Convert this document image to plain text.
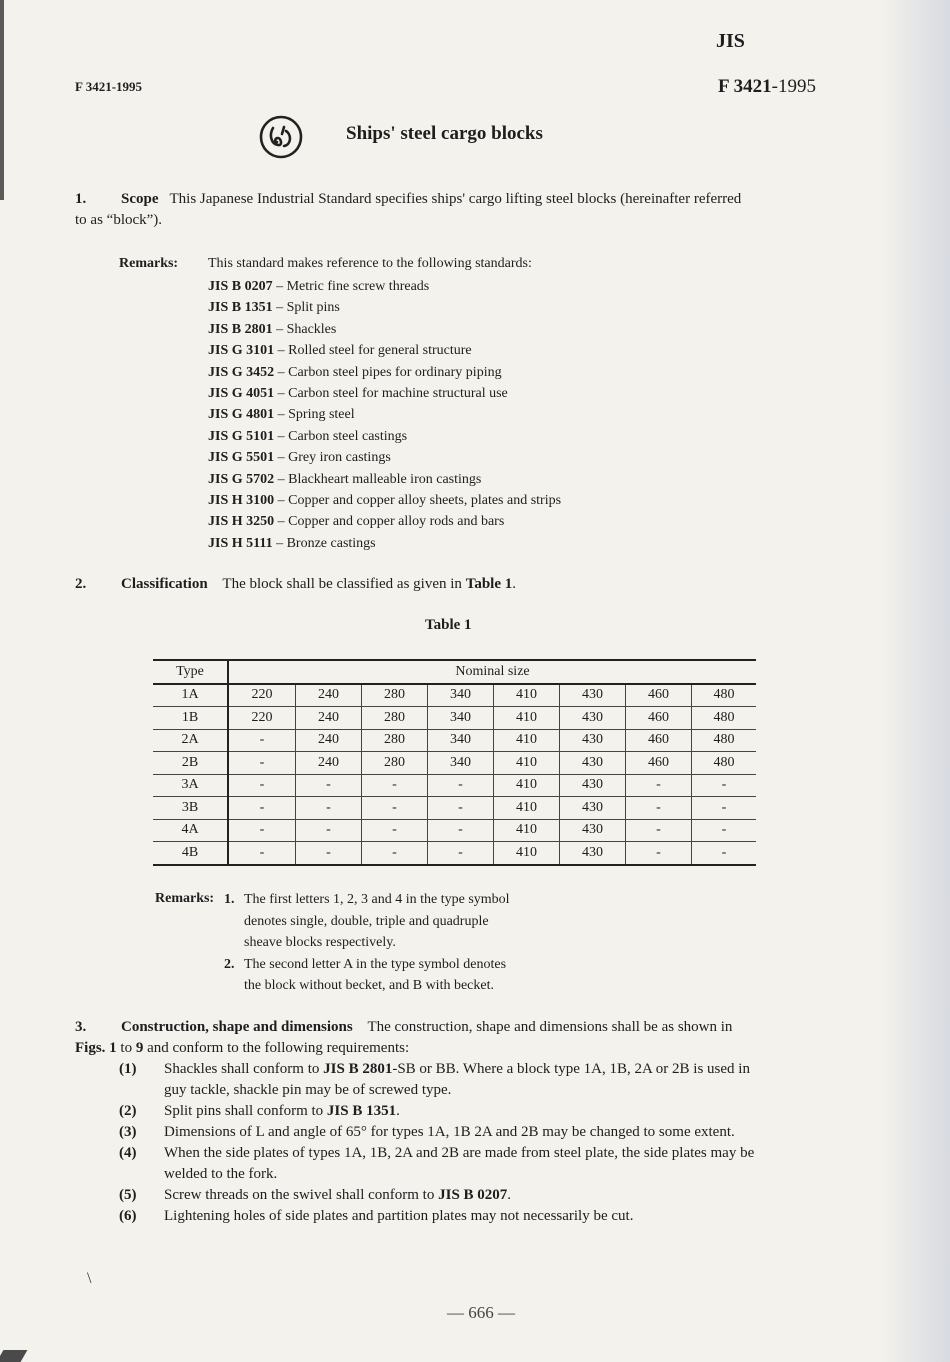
JIS
F 3421-1995	F 3421-1995
Ships' steel cargo blocks
1. Scope This Japanese Industrial Standard specifies ships' cargo lifting steel blocks (hereinafter referred
to as “block”).
Remarks: This standard makes reference to the following standards:
JIS B 0207 – Metric fine screw threads
JIS B 1351 – Split pins
JIS B 2801 – Shackles
JIS G 3101 – Rolled steel for general structure
JIS G 3452 – Carbon steel pipes for ordinary piping
JIS G 4051 – Carbon steel for machine structural use
JIS G 4801 – Spring steel
JIS G 5101 – Carbon steel castings
JIS G 5501 – Grey iron castings
JIS G 5702 – Blackheart malleable iron castings
JIS H 3100 – Copper and copper alloy sheets, plates and strips
JIS H 3250 – Copper and copper alloy rods and bars
JIS H 5111 – Bronze castings
2. Classification The block shall be classified as given in Table 1.
Table 1
Type	Nominal size							
1A	220	240	280	340	410	430	460	480
1B	220	240	280	340	410	430	460	480
2A	-	240	280	340	410	430	460	480
2B	-	240	280	340	410	430	460	480
3A	-	-	-	-	410	430	-	-
3B	-	-	-	-	410	430	-	-
4A	-	-	-	-	410	430	-	-
4B	-	-	-	-	410	430	-	-
Remarks: 1. The first letters 1, 2, 3 and 4 in the type symbol
denotes single, double, triple and quadruple
sheave blocks respectively.
2. The second letter A in the type symbol denotes
the block without becket, and B with becket.
3. Construction, shape and dimensions The construction, shape and dimensions shall be as shown in
Figs. 1 to 9 and conform to the following requirements:
(1) Shackles shall conform to JIS B 2801-SB or BB. Where a block type 1A, 1B, 2A or 2B is used in
guy tackle, shackle pin may be of screwed type.
(2) Split pins shall conform to JIS B 1351.
(3) Dimensions of L and angle of 65° for types 1A, 1B 2A and 2B may be changed to some extent.
(4) When the side plates of types 1A, 1B, 2A and 2B are made from steel plate, the side plates may be
welded to the fork.
(5) Screw threads on the swivel shall conform to JIS B 0207.
(6) Lightening holes of side plates and partition plates may not necessarily be cut.
\
— 666 —
